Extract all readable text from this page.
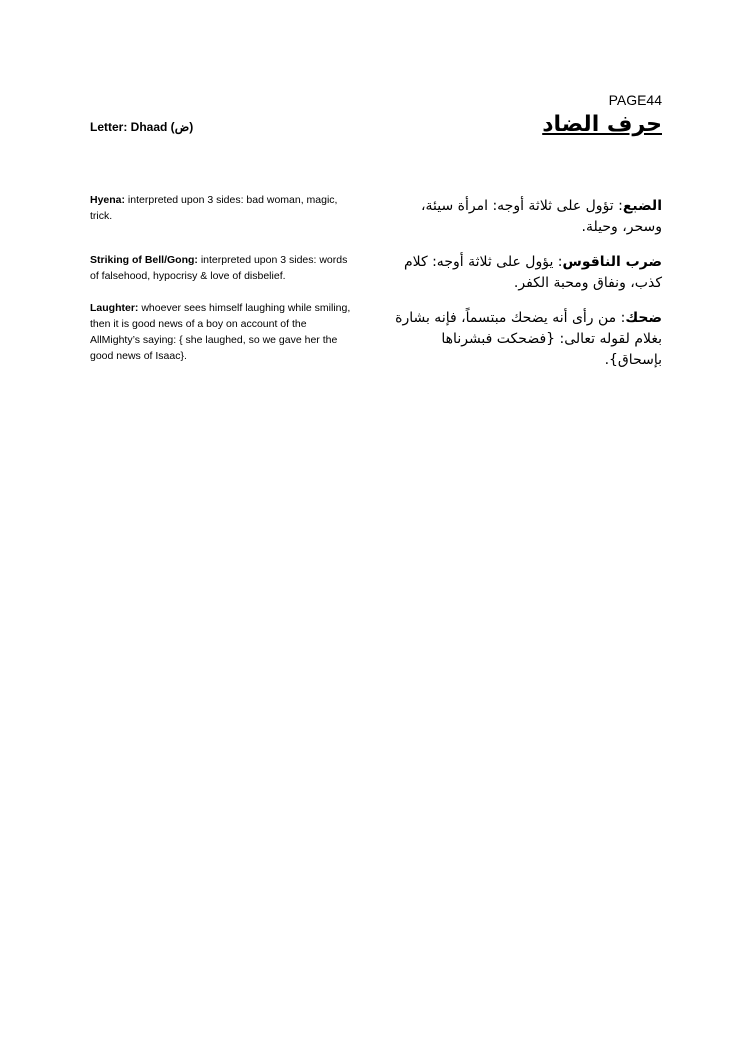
PAGE44
Letter: Dhaad (ض)	حرف الضاد

Hyena: interpreted upon 3 sides: bad woman, magic, trick.

Striking of Bell/Gong: interpreted upon 3 sides: words of falsehood, hypocrisy & love of disbelief.

Laughter: whoever sees himself laughing while smiling, then it is good news of a boy on account of the AllMighty’s saying: { she laughed, so we gave her the good news of Isaac}.

الضبع: تؤول على ثلاثة أوجه: امرأة سيئة، وسحر، وحيلة.

ضرب الناقوس: يؤول على ثلاثة أوجه: كلام كذب، ونفاق ومحبة الكفر.

ضحك: من رأى أنه يضحك مبتسماً، فإنه بشارة بغلام لقوله تعالى: {فضحكت فبشرناها بإسحاق}.
